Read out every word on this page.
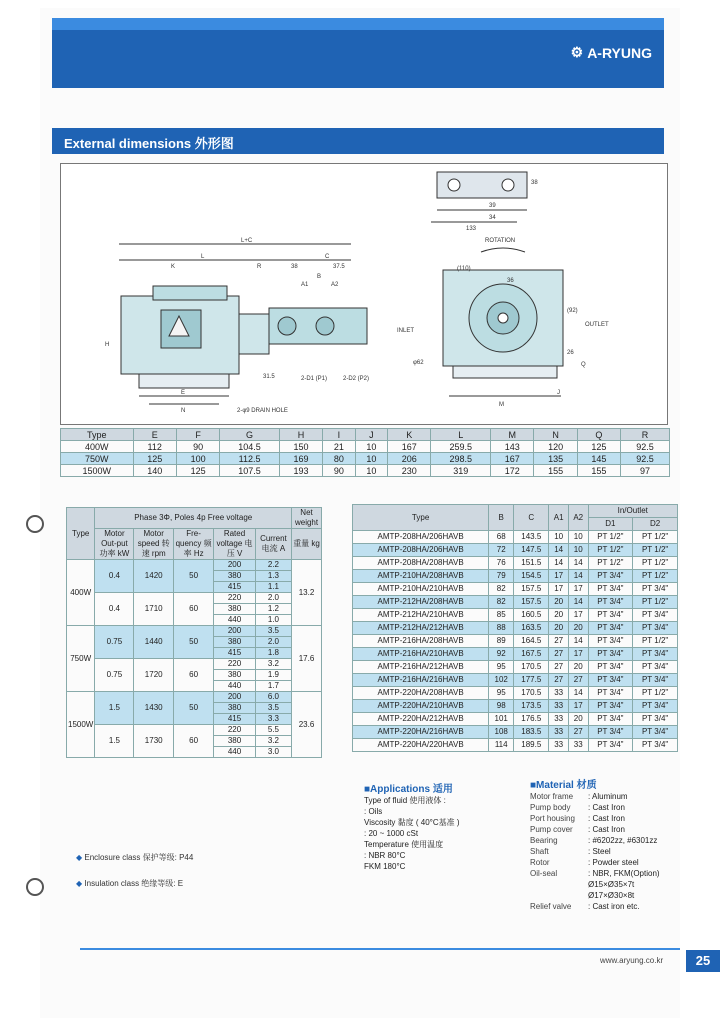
⚙ A-RYUNG
External dimensions 外形图
39
34
133
38
L+C
L
K	R
C
38	37.5
A1	A2
B
H
E
N	2-φ9 DRAIN HOLE
2-D1 (P1)	2-D2 (P2)
31.5
ROTATION
(110)
36
(92)
OUTLET
INLET
26
Q
M
J
φ62
Type	E	F	G	H	I	J	K	L	M	N	Q	R
400W	112	90	104.5	150	21	10	167	259.5	143	120	125	92.5
750W	125	100	112.5	169	80	10	206	298.5	167	135	145	92.5
1500W	140	125	107.5	193	90	10	230	319	172	155	155	97
Type	Phase 3Φ, Poles 4p Free voltage					Net weight
	Motor Out-put 功率 kW	Motor speed 转速 rpm	Fre-quency 频率 Hz	Rated voltage 电压 V	Current 电流 A	重量 kg
400W	0.4	1420	50	200	2.2	13.2
				380	1.3	
				415	1.1	
	0.4	1710	60	220	2.0	
				380	1.2	
				440	1.0	
750W	0.75	1440	50	200	3.5	17.6
				380	2.0	
				415	1.8	
	0.75	1720	60	220	3.2	
				380	1.9	
				440	1.7	
1500W	1.5	1430	50	200	6.0	23.6
				380	3.5	
				415	3.3	
	1.5	1730	60	220	5.5	
				380	3.2	
				440	3.0	
Type	B	C	A1	A2	In/Outlet	
					D1	D2
AMTP-208HA/206HAVB	68	143.5	10	10	PT 1/2"	PT 1/2"
AMTP-208HA/206HAVB	72	147.5	14	10	PT 1/2"	PT 1/2"
AMTP-208HA/208HAVB	76	151.5	14	14	PT 1/2"	PT 1/2"
AMTP-210HA/208HAVB	79	154.5	17	14	PT 3/4"	PT 1/2"
AMTP-210HA/210HAVB	82	157.5	17	17	PT 3/4"	PT 3/4"
AMTP-212HA/208HAVB	82	157.5	20	14	PT 3/4"	PT 1/2"
AMTP-212HA/210HAVB	85	160.5	20	17	PT 3/4"	PT 3/4"
AMTP-212HA/212HAVB	88	163.5	20	20	PT 3/4"	PT 3/4"
AMTP-216HA/208HAVB	89	164.5	27	14	PT 3/4"	PT 1/2"
AMTP-216HA/210HAVB	92	167.5	27	17	PT 3/4"	PT 3/4"
AMTP-216HA/212HAVB	95	170.5	27	20	PT 3/4"	PT 3/4"
AMTP-216HA/216HAVB	102	177.5	27	27	PT 3/4"	PT 3/4"
AMTP-220HA/208HAVB	95	170.5	33	14	PT 3/4"	PT 1/2"
AMTP-220HA/210HAVB	98	173.5	33	17	PT 3/4"	PT 3/4"
AMTP-220HA/212HAVB	101	176.5	33	20	PT 3/4"	PT 3/4"
AMTP-220HA/216HAVB	108	183.5	33	27	PT 3/4"	PT 3/4"
AMTP-220HA/220HAVB	114	189.5	33	33	PT 3/4"	PT 3/4"
◆ Enclosure class 保护等级: P44
◆ Insulation class 绝缘等级: E
■Applications 适用
Type of fluid 使用液体 :
: Oils
Viscosity 黏度 ( 40°C基准 )
: 20 ~ 1000 cSt
Temperature 使用温度
: NBR 80°C
FKM 180°C
■Material 材质
Motor frame	: Aluminum
Pump body	: Cast Iron
Port housing	: Cast Iron
Pump cover	: Cast Iron
Bearing	: #6202zz, #6301zz
Shaft	: Steel
Rotor	: Powder steel
Oil-seal	: NBR, FKM(Option)
Ø15×Ø35×7t
Ø17×Ø30×8t
Relief valve	: Cast iron etc.
www.aryung.co.kr	25
